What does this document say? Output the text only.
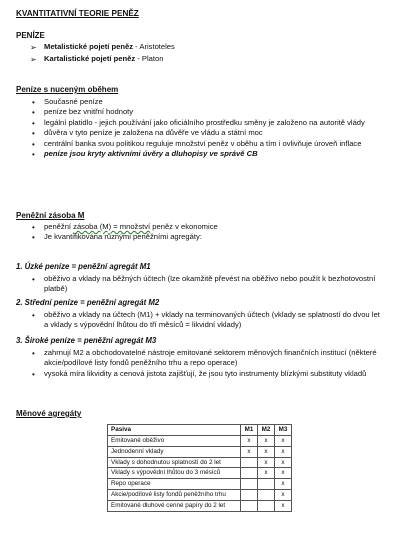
KVANTITATIVNÍ TEORIE PENĚZ
PENÍZE
➢ Metalistické pojetí peněz - Aristoteles
➢ Kartalistické pojetí peněz - Platon
Peníze s nuceným oběhem
• Současné peníze
• peníze bez vnitřní hodnoty
• legální platidlo - jejich používání jako oficiálního prostředku směny je založeno na autoritě vlády
• důvěra v tyto peníze je založena na důvěře ve vládu a státní moc
• centrální banka svou politikou reguluje množství peněz v oběhu a tím i ovlivňuje úroveň inflace
• peníze jsou kryty aktivními úvěry a dluhopisy ve správě CB
Peněžní zásoba M
• peněžní zásoba (M) = množství peněz v ekonomice
• Je kvantifikována různými peněžními agregáty:
1. Úzké peníze = peněžní agregát M1
• oběživo a vklady na běžných účtech (lze okamžitě převést na oběživo nebo použít k bezhotovostní platbě)
2. Střední peníze = peněžní agregát M2
• oběživo a vklady na účtech (M1) + vklady na terminovaných účtech (vklady se splatností do dvou let a vklady s výpovědní lhůtou do tří měsíců = likvidní vklady)
3. Široké peníze = peněžní agregát M3
• zahrnují M2 a obchodovatelné nástroje emitované sektorem měnových finančních institucí (některé akcie/podílové listy fondů peněžního trhu a repo operace)
• vysoká míra likvidity a cenová jistota zajišťují, že jsou tyto instrumenty blízkými substituty vkladů
Měnové agregáty
Pasiva	M1	M2	M3
Emitované oběživo	x	x	x
Jednodenní vklady	x	x	x
Vklady s dohodnutou splatností do 2 let		x	x
Vklady s výpovědní lhůtou do 3 měsíců		x	x
Repo operace			x
Akcie/podílové listy fondů peněžního trhu			x
Emitované dluhové cenné papíry do 2 let			x
